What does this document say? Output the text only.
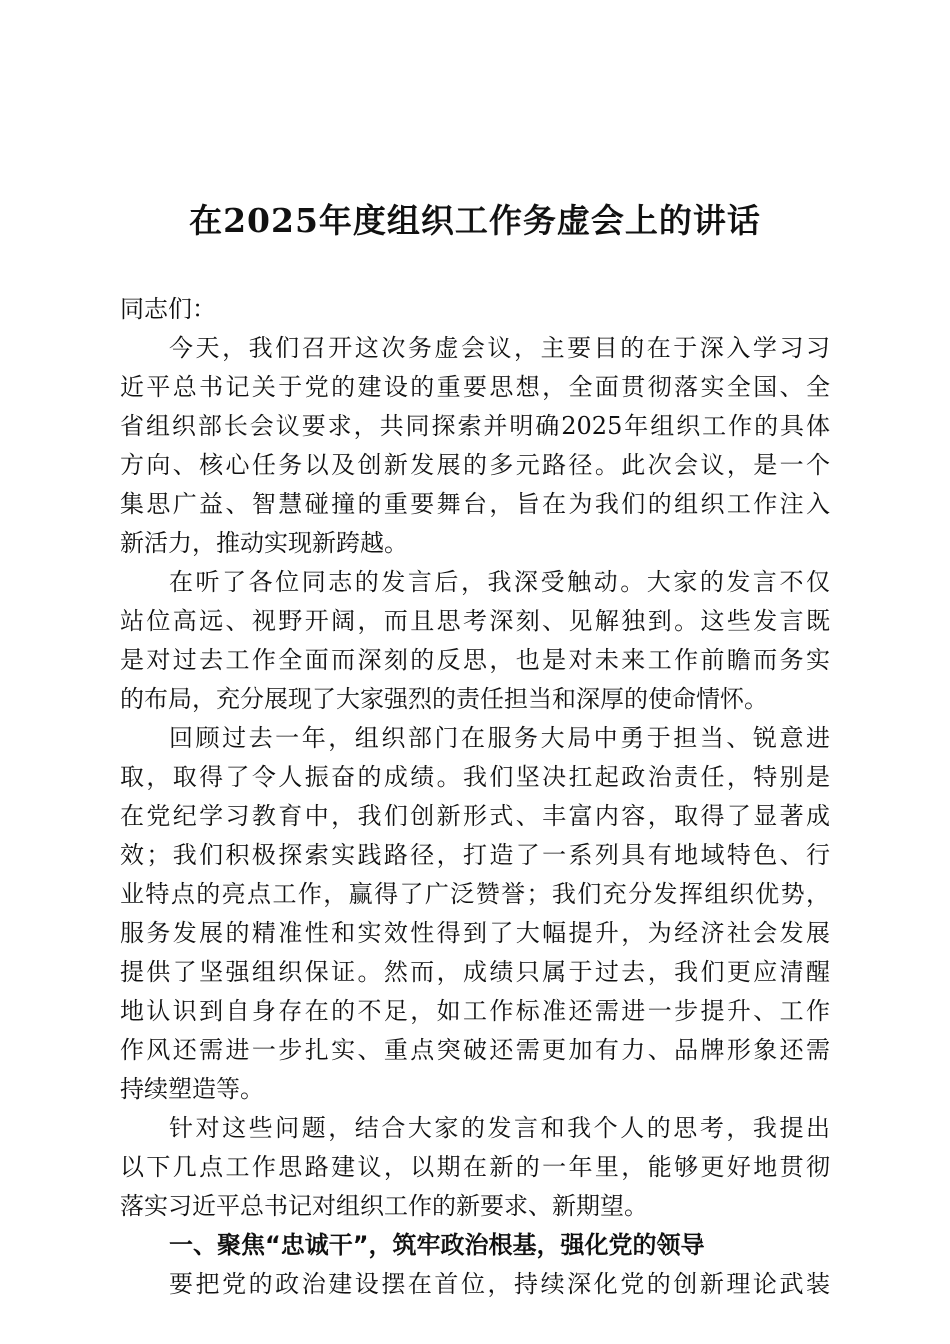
在2025年度组织工作务虚会上的讲话
同志们：
今天，我们召开这次务虚会议，主要目的在于深入学习习
近平总书记关于党的建设的重要思想，全面贯彻落实全国、全
省组织部长会议要求，共同探索并明确2025年组织工作的具体
方向、核心任务以及创新发展的多元路径。此次会议，是一个
集思广益、智慧碰撞的重要舞台，旨在为我们的组织工作注入
新活力，推动实现新跨越。
在听了各位同志的发言后，我深受触动。大家的发言不仅
站位高远、视野开阔，而且思考深刻、见解独到。这些发言既
是对过去工作全面而深刻的反思，也是对未来工作前瞻而务实
的布局，充分展现了大家强烈的责任担当和深厚的使命情怀。
回顾过去一年，组织部门在服务大局中勇于担当、锐意进
取，取得了令人振奋的成绩。我们坚决扛起政治责任，特别是
在党纪学习教育中，我们创新形式、丰富内容，取得了显著成
效；我们积极探索实践路径，打造了一系列具有地域特色、行
业特点的亮点工作，赢得了广泛赞誉；我们充分发挥组织优势，
服务发展的精准性和实效性得到了大幅提升，为经济社会发展
提供了坚强组织保证。然而，成绩只属于过去，我们更应清醒
地认识到自身存在的不足，如工作标准还需进一步提升、工作
作风还需进一步扎实、重点突破还需更加有力、品牌形象还需
持续塑造等。
针对这些问题，结合大家的发言和我个人的思考，我提出
以下几点工作思路建议，以期在新的一年里，能够更好地贯彻
落实习近平总书记对组织工作的新要求、新期望。
一、聚焦“忠诚干”，筑牢政治根基，强化党的领导
要把党的政治建设摆在首位，持续深化党的创新理论武装
